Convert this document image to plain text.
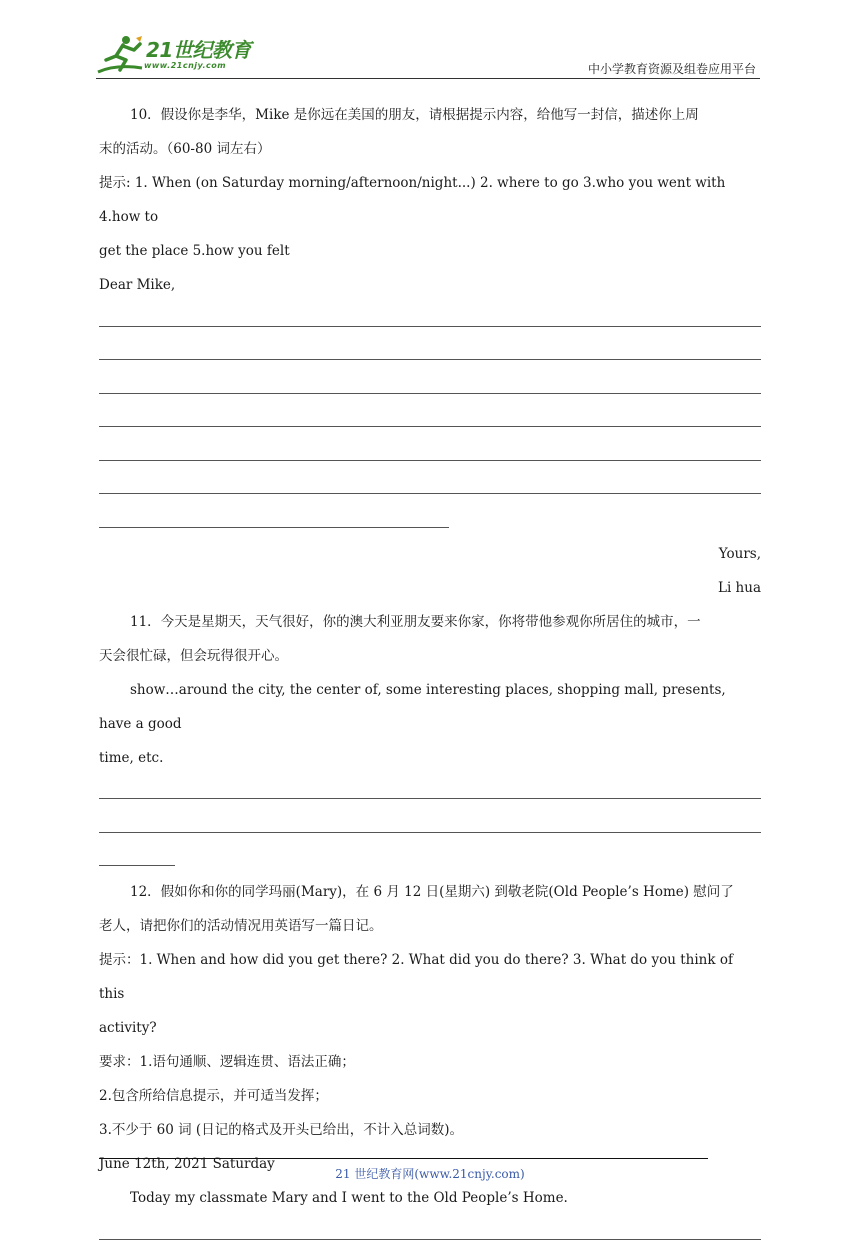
21世纪教育
www.21cnjy.com	中小学教育资源及组卷应用平台

10．假设你是李华，Mike 是你远在美国的朋友，请根据提示内容，给他写一封信，描述你上周

末的活动。（60-80 词左右）

提示: 1. When (on Saturday morning/afternoon/night...) 2. where to go 3.who you went with 4.how to

get the place 5.how you felt

Dear Mike,

Yours,

Li hua

11．今天是星期天，天气很好，你的澳大利亚朋友要来你家，你将带他参观你所居住的城市，一

天会很忙碌，但会玩得很开心。

show…around the city, the center of, some interesting places, shopping mall, presents, have a good

time, etc.

12．假如你和你的同学玛丽(Mary)，在 6 月 12 日(星期六) 到敬老院(Old People’s Home) 慰问了

老人，请把你们的活动情况用英语写一篇日记。

提示：1. When and how did you get there? 2. What did you do there? 3. What do you think of this

activity?

要求：1.语句通顺、逻辑连贯、语法正确；

2.包含所给信息提示，并可适当发挥；

3.不少于 60 词 (日记的格式及开头已给出，不计入总词数)。

June 12th, 2021 Saturday

Today my classmate Mary and I went to the Old People’s Home.

21 世纪教育网(www.21cnjy.com)
